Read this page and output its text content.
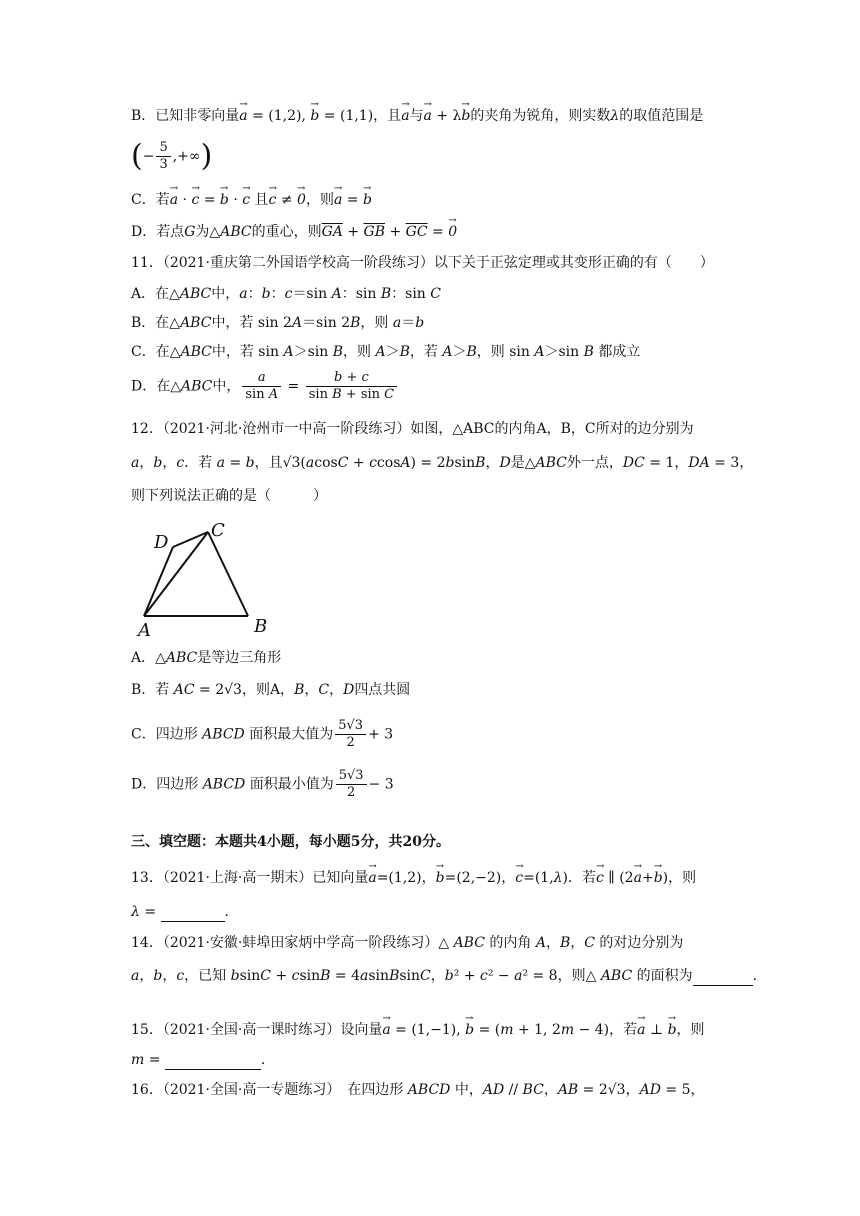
B．已知非零向量→ a = (1,2), → b = (1,1)，且→ a与→ a + λ→ b的夹角为锐角，则实数λ的取值范围是
(− $\frac{5}{3}$ ,+∞)
C．若→ a · → c = → b · → c 且→ c ≠ → 0，则→ a = → b
D．若点G为△ABC的重心，则$\overline{GA} + \overline{GB} + \overline{GC}$ = → 0
11．（2021·重庆第二外国语学校高一阶段练习）以下关于正弦定理或其变形正确的有（　　）
A．在△ABC中，a：b：c＝sin A：sin B：sin C
B．在△ABC中，若 sin 2A＝sin 2B，则 a＝b
C．在△ABC中，若 sin A＞sin B，则 A＞B，若 A＞B，则 sin A＞sin B 都成立
D．在△ABC中， $\frac{a}{\text{sin A}} = \frac{b + c}{\text{sin B + sin C}}$
12．（2021·河北·沧州市一中高一阶段练习）如图，△ABC的内角A，B，C所对的边分别为
a，b，c．若 a = b，且√3(acosC + ccosA) = 2bsinB，D是△ABC外一点，DC = 1，DA = 3，
则下列说法正确的是（　　　）
A	B
C
D
A．△ABC是等边三角形
B．若 AC = 2√3，则A，B，C，D四点共圆
C．四边形 ABCD 面积最大值为 $\frac{5√3}{2} + 3$
D．四边形 ABCD 面积最小值为 $\frac{5√3}{2} - 3$
三、填空题：本题共4小题，每小题5分，共20分。
13．（2021·上海·高一期末）已知向量→ a=(1,2)，→ b=(2,−2)，→ c=(1,λ)．若→ c ∥ (2→ a+→ b)，则
λ =	．
14．（2021·安徽·蚌埠田家炳中学高一阶段练习）△ ABC 的内角 A，B，C 的对边分别为
a，b，c，已知 bsinC + csinB = 4asinBsinC，b² + c² − a² = 8，则△ ABC 的面积为	．
15．（2021·全国·高一课时练习）设向量→ a = (1,−1), → b = (m + 1, 2m − 4)，若→ a ⊥ → b，则
m =	．
16．（2021·全国·高一专题练习）　在四边形 ABCD 中，AD // BC，AB = 2√3，AD = 5，
